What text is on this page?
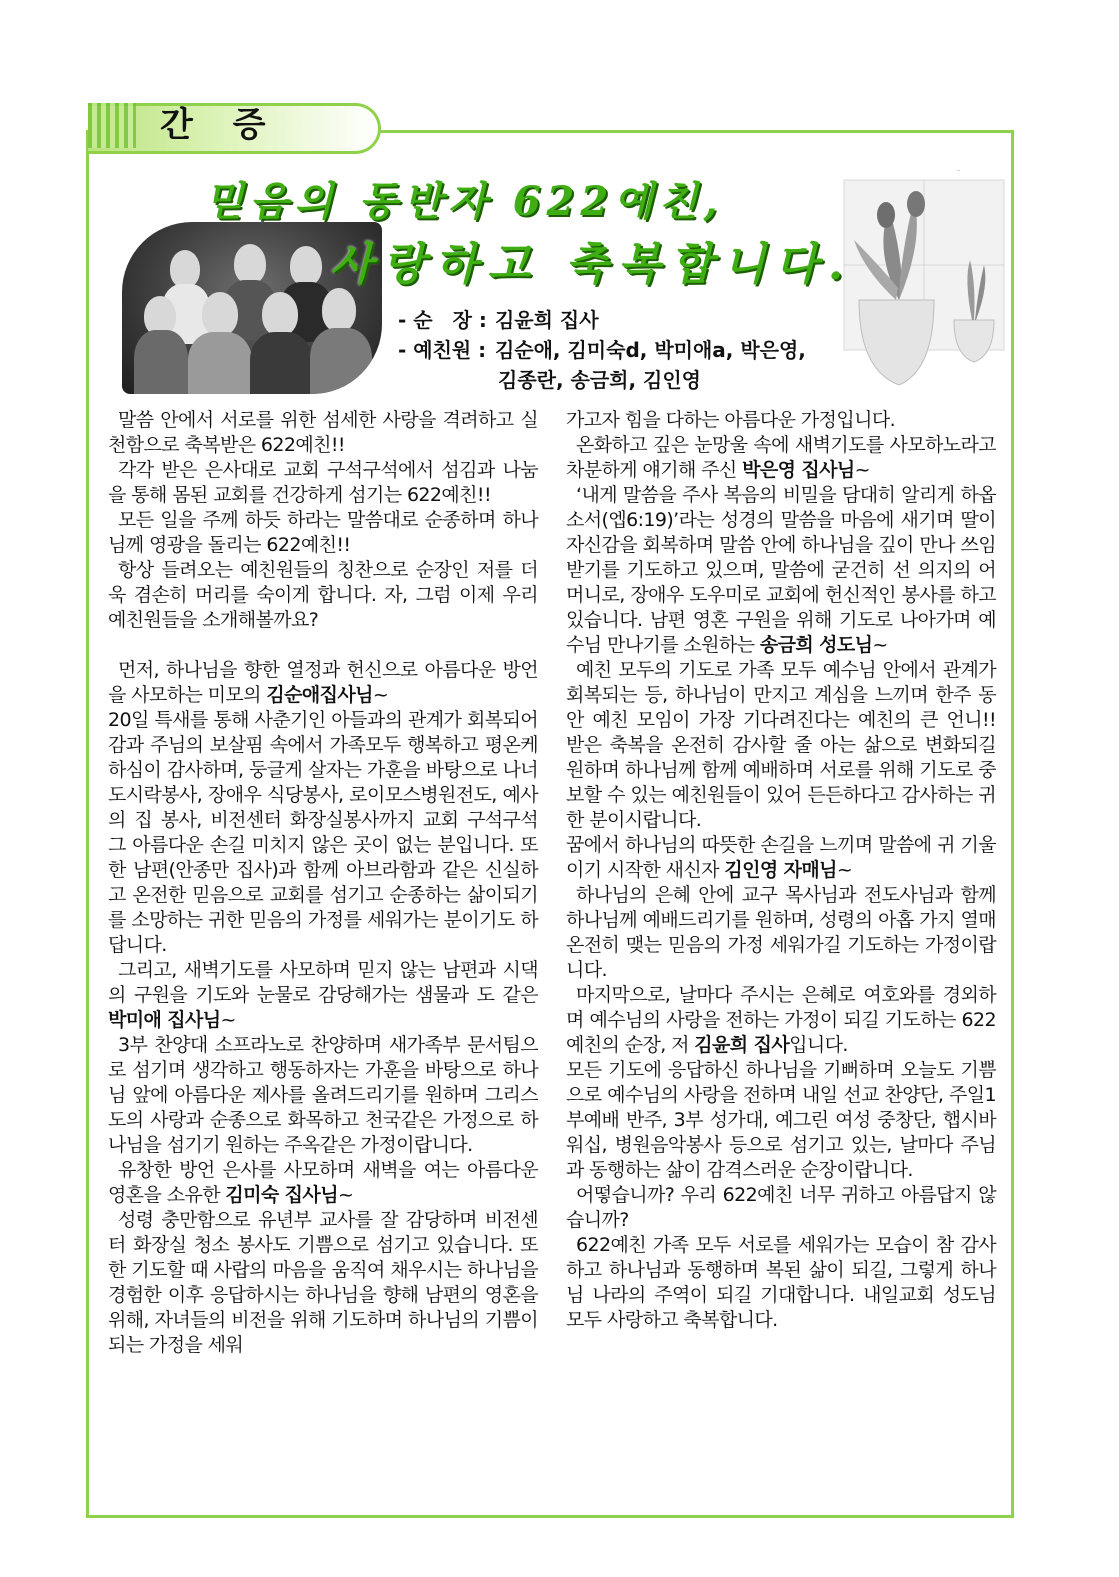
간 증
믿음의 동반자 622예친,
사랑하고 축복합니다.
- 순　장 : 김윤희 집사
- 예친원 : 김순애, 김미숙d, 박미애a, 박은영,
김종란, 송금희, 김인영

말씀 안에서 서로를 위한 섬세한 사랑을 격려하고 실천함으로 축복받은 622예친!!

각각 받은 은사대로 교회 구석구석에서 섬김과 나눔을 통해 몸된 교회를 건강하게 섬기는 622예친!!

모든 일을 주께 하듯 하라는 말씀대로 순종하며 하나님께 영광을 돌리는 622예친!!

항상 들려오는 예친원들의 칭찬으로 순장인 저를 더욱 겸손히 머리를 숙이게 합니다. 자, 그럼 이제 우리 예친원들을 소개해볼까요?

먼저, 하나님을 향한 열정과 헌신으로 아름다운 방언을 사모하는 미모의 김순애집사님~

20일 특새를 통해 사춘기인 아들과의 관계가 회복되어감과 주님의 보살핌 속에서 가족모두 행복하고 평온케 하심이 감사하며, 둥글게 살자는 가훈을 바탕으로 나너 도시락봉사, 장애우 식당봉사, 로이모스병원전도, 예사의 집 봉사, 비전센터 화장실봉사까지 교회 구석구석 그 아름다운 손길 미치지 않은 곳이 없는 분입니다. 또한 남편(안종만 집사)과 함께 아브라함과 같은 신실하고 온전한 믿음으로 교회를 섬기고 순종하는 삶이되기를 소망하는 귀한 믿음의 가정를 세워가는 분이기도 하답니다.

그리고, 새벽기도를 사모하며 믿지 않는 남편과 시댁의 구원을 기도와 눈물로 감당해가는 샘물과 도 같은 박미애 집사님~

3부 찬양대 소프라노로 찬양하며 새가족부 문서팀으로 섬기며 생각하고 행동하자는 가훈을 바탕으로 하나님 앞에 아름다운 제사를 올려드리기를 원하며 그리스도의 사랑과 순종으로 화목하고 천국같은 가정으로 하나님을 섬기기 원하는 주옥같은 가정이랍니다.

유창한 방언 은사를 사모하며 새벽을 여는 아름다운 영혼을 소유한 김미숙 집사님~

성령 충만함으로 유년부 교사를 잘 감당하며 비전센터 화장실 청소 봉사도 기쁨으로 섬기고 있습니다. 또한 기도할 때 사랍의 마음을 움직여 채우시는 하나님을 경험한 이후 응답하시는 하나님을 향해 남편의 영혼을 위해, 자녀들의 비전을 위해 기도하며 하나님의 기쁨이 되는 가정을 세워

가고자 힘을 다하는 아름다운 가정입니다.

온화하고 깊은 눈망울 속에 새벽기도를 사모하노라고 차분하게 얘기해 주신 박은영 집사님~

‘내게 말씀을 주사 복음의 비밀을 담대히 알리게 하옵소서(엡6:19)’라는 성경의 말씀을 마음에 새기며 딸이 자신감을 회복하며 말씀 안에 하나님을 깊이 만나 쓰임 받기를 기도하고 있으며, 말씀에 굳건히 선 의지의 어머니로, 장애우 도우미로 교회에 헌신적인 봉사를 하고 있습니다. 남편 영혼 구원을 위해 기도로 나아가며 예수님 만나기를 소원하는 송금희 성도님~

예친 모두의 기도로 가족 모두 예수님 안에서 관계가 회복되는 등, 하나님이 만지고 계심을 느끼며 한주 동안 예친 모임이 가장 기다려진다는 예친의 큰 언니!! 받은 축복을 온전히 감사할 줄 아는 삶으로 변화되길 원하며 하나님께 함께 예배하며 서로를 위해 기도로 중보할 수 있는 예친원들이 있어 든든하다고 감사하는 귀한 분이시랍니다.

꿈에서 하나님의 따뜻한 손길을 느끼며 말씀에 귀 기울이기 시작한 새신자 김인영 자매님~

하나님의 은혜 안에 교구 목사님과 전도사님과 함께 하나님께 예배드리기를 원하며, 성령의 아홉 가지 열매 온전히 맺는 믿음의 가정 세워가길 기도하는 가정이랍니다.

마지막으로, 날마다 주시는 은혜로 여호와를 경외하며 예수님의 사랑을 전하는 가정이 되길 기도하는 622예친의 순장, 저 김윤희 집사입니다.

모든 기도에 응답하신 하나님을 기뻐하며 오늘도 기쁨으로 예수님의 사랑을 전하며 내일 선교 찬양단, 주일1부예배 반주, 3부 성가대, 예그린 여성 중창단, 햅시바 워십, 병원음악봉사 등으로 섬기고 있는, 날마다 주님과 동행하는 삶이 감격스러운 순장이랍니다.

어떻습니까? 우리 622예친 너무 귀하고 아름답지 않습니까?

622예친 가족 모두 서로를 세워가는 모습이 참 감사하고 하나님과 동행하며 복된 삶이 되길, 그렇게 하나님 나라의 주역이 되길 기대합니다. 내일교회 성도님 모두 사랑하고 축복합니다.
